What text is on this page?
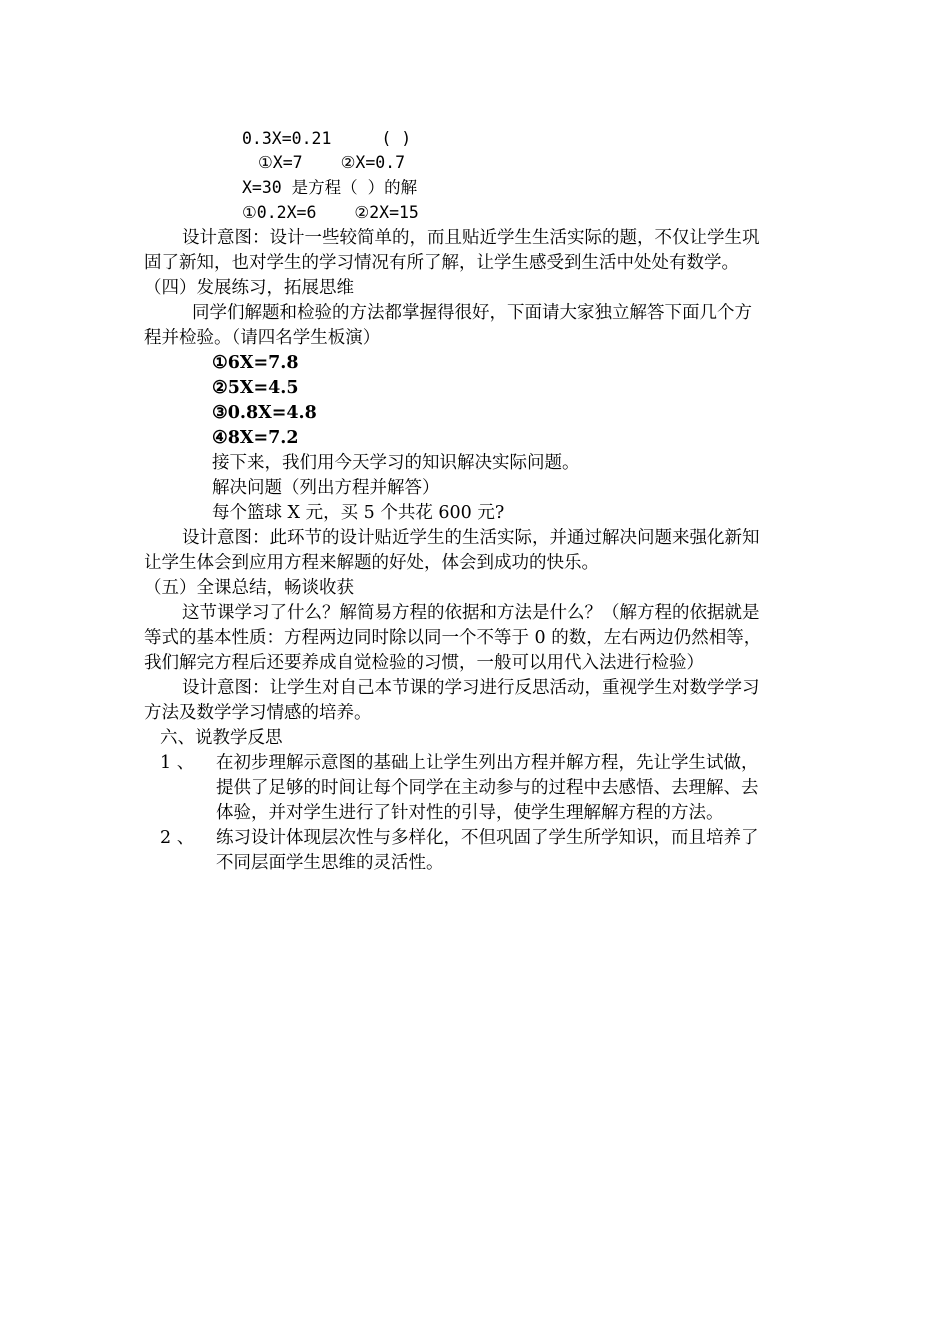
0.3X=0.21	( )
①X=7 ②X=0.7
X=30 是方程（ ）的解
①0.2X=6 ②2X=15
设计意图：设计一些较简单的，而且贴近学生生活实际的题，不仅让学生巩
固了新知，也对学生的学习情况有所了解，让学生感受到生活中处处有数学。
（四）发展练习，拓展思维
同学们解题和检验的方法都掌握得很好，下面请大家独立解答下面几个方
程并检验。（请四名学生板演）
①6X=7.8
②5X=4.5
③0.8X=4.8
④8X=7.2
接下来，我们用今天学习的知识解决实际问题。
解决问题（列出方程并解答）
每个篮球 X 元，买 5 个共花 600 元?
设计意图：此环节的设计贴近学生的生活实际，并通过解决问题来强化新知
让学生体会到应用方程来解题的好处，体会到成功的快乐。
（五）全课总结，畅谈收获
这节课学习了什么？解简易方程的依据和方法是什么？（解方程的依据就是
等式的基本性质：方程两边同时除以同一个不等于 0 的数，左右两边仍然相等，
我们解完方程后还要养成自觉检验的习惯，一般可以用代入法进行检验）
设计意图：让学生对自己本节课的学习进行反思活动，重视学生对数学学习
方法及数学学习情感的培养。
六、说教学反思
1 、 在初步理解示意图的基础上让学生列出方程并解方程，先让学生试做，
提供了足够的时间让每个同学在主动参与的过程中去感悟、去理解、去
体验，并对学生进行了针对性的引导，使学生理解解方程的方法。
2 、 练习设计体现层次性与多样化，不但巩固了学生所学知识，而且培养了
不同层面学生思维的灵活性。
